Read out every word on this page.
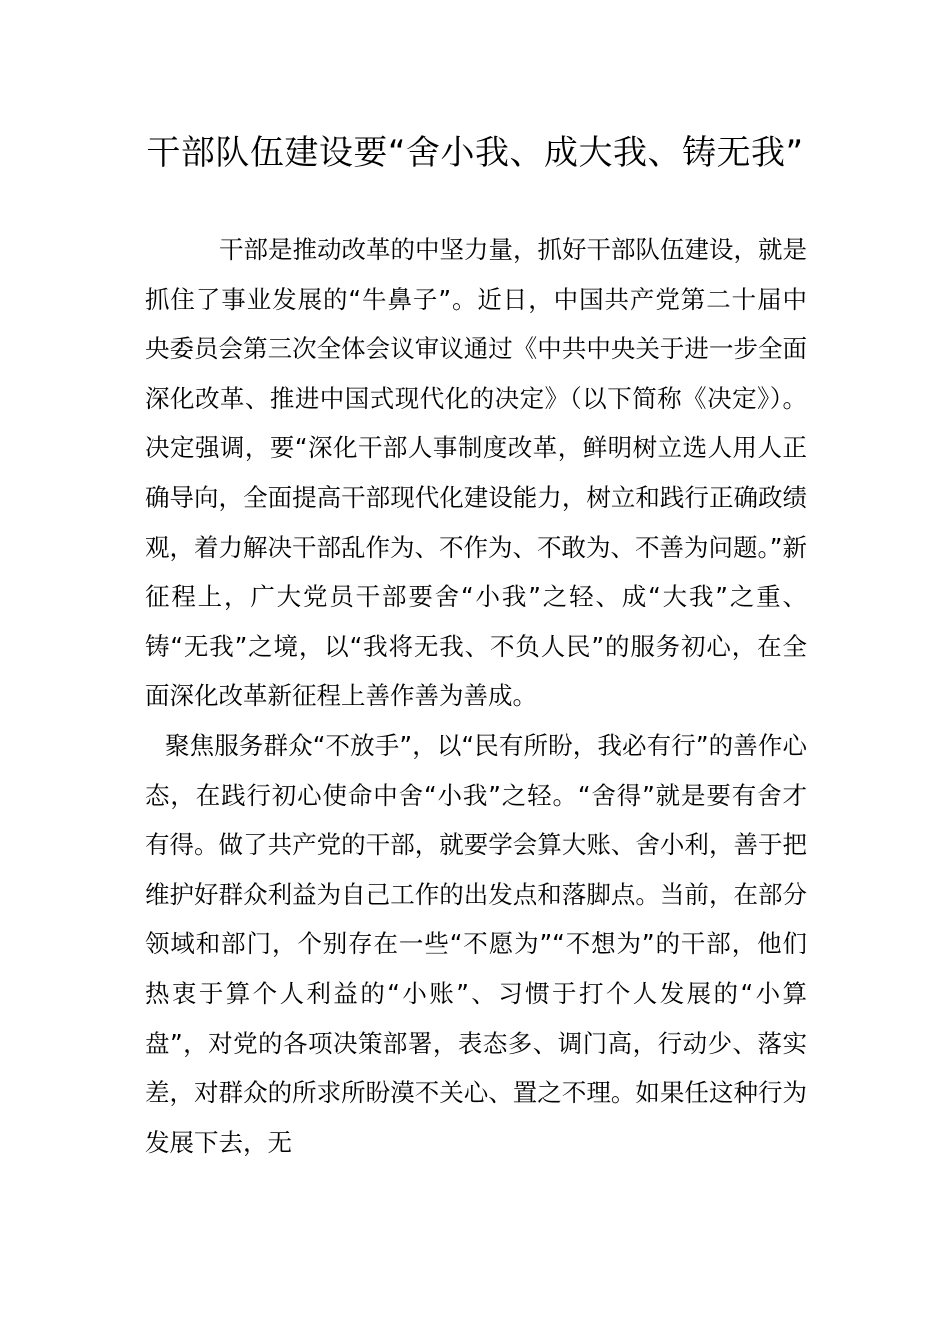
干部队伍建设要“舍小我、成大我、铸无我”

干部是推动改革的中坚力量，抓好干部队伍建设，就是抓住了事业发展的“牛鼻子”。近日，中国共产党第二十届中央委员会第三次全体会议审议通过《中共中央关于进一步全面深化改革、推进中国式现代化的决定》（以下简称《决定》）。决定强调，要“深化干部人事制度改革，鲜明树立选人用人正确导向，全面提高干部现代化建设能力，树立和践行正确政绩观，着力解决干部乱作为、不作为、不敢为、不善为问题。”新征程上，广大党员干部要舍“小我”之轻、成“大我”之重、铸“无我”之境，以“我将无我、不负人民”的服务初心，在全面深化改革新征程上善作善为善成。

聚焦服务群众“不放手”，以“民有所盼，我必有行”的善作心态，在践行初心使命中舍“小我”之轻。“舍得”就是要有舍才有得。做了共产党的干部，就要学会算大账、舍小利，善于把维护好群众利益为自己工作的出发点和落脚点。当前，在部分领域和部门，个别存在一些“不愿为”“不想为”的干部，他们热衷于算个人利益的“小账”、习惯于打个人发展的“小算盘”，对党的各项决策部署，表态多、调门高，行动少、落实差，对群众的所求所盼漠不关心、置之不理。如果任这种行为发展下去，无
